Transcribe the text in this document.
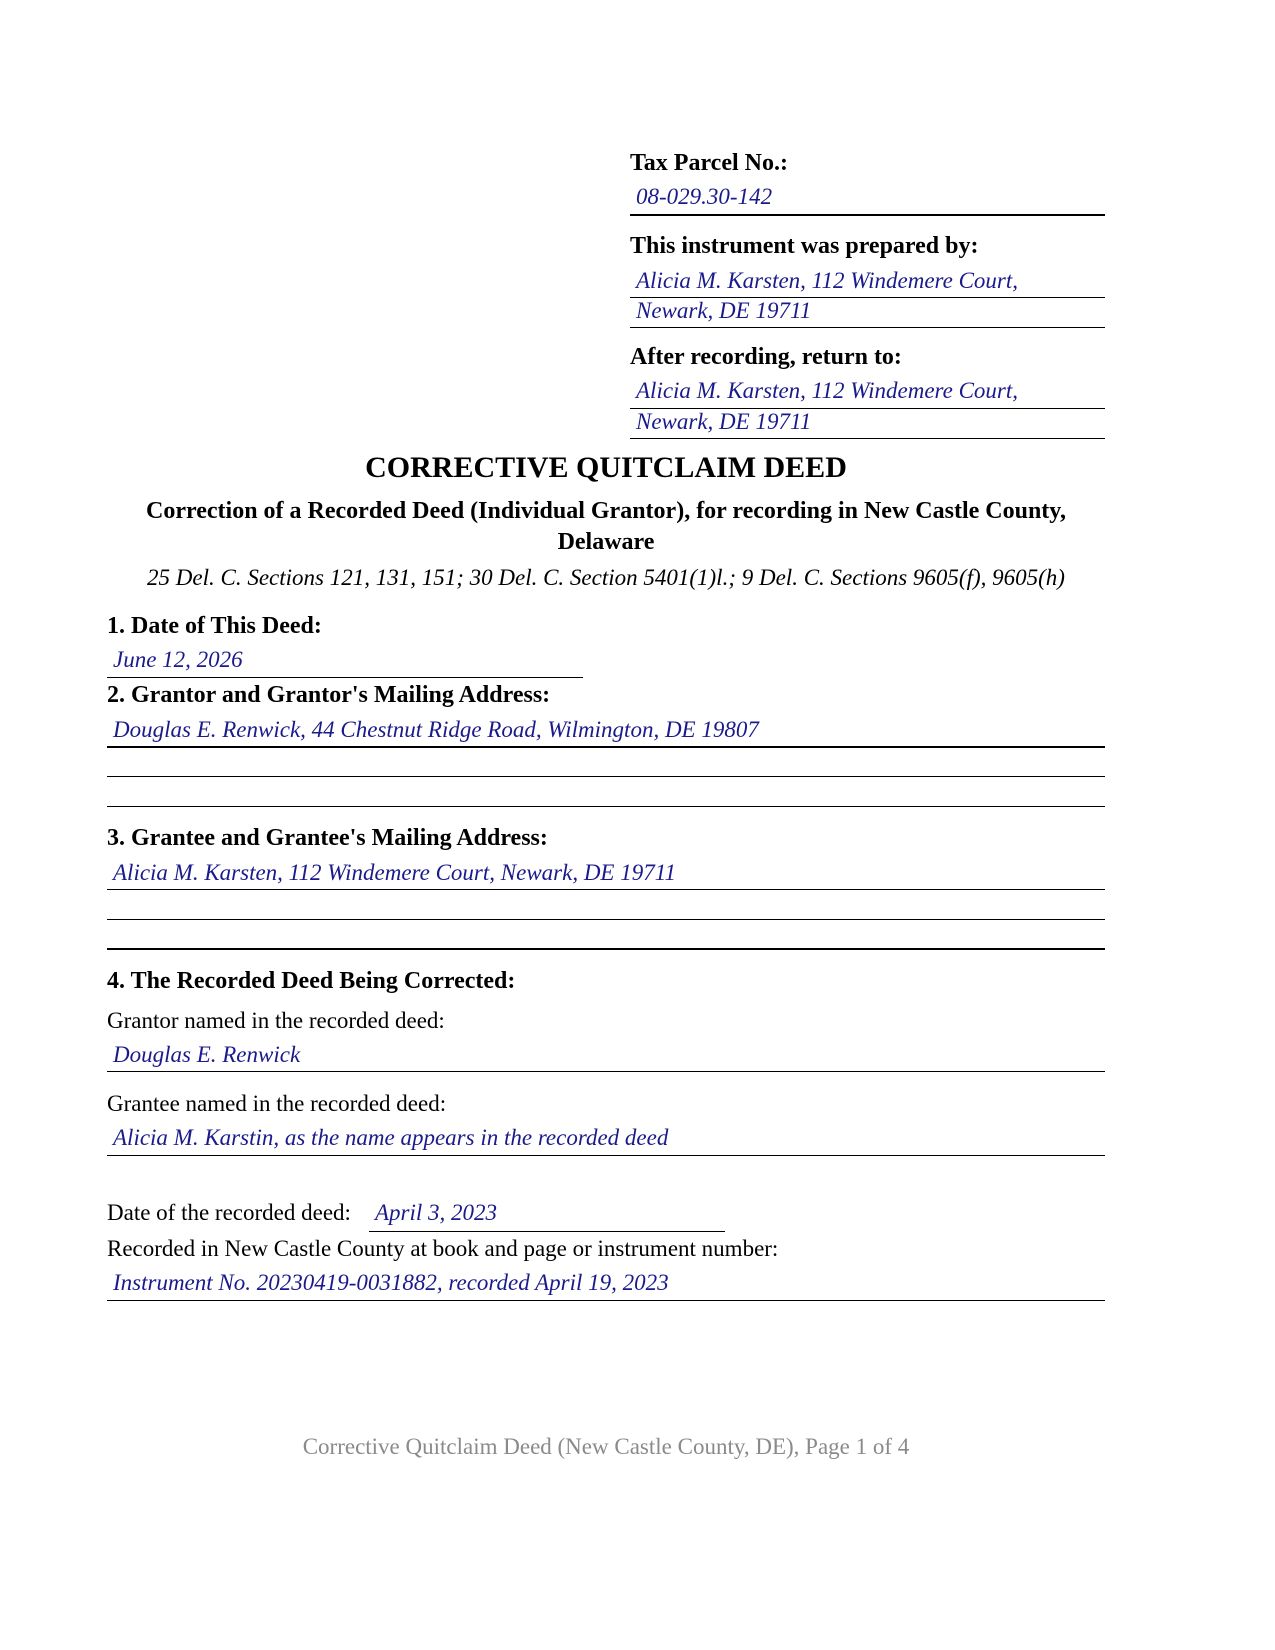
Tax Parcel No.:
08-029.30-142
This instrument was prepared by:
Alicia M. Karsten, 112 Windemere Court,
Newark, DE 19711
After recording, return to:
Alicia M. Karsten, 112 Windemere Court,
Newark, DE 19711
CORRECTIVE QUITCLAIM DEED
Correction of a Recorded Deed (Individual Grantor), for recording in New Castle County,
Delaware
25 Del. C. Sections 121, 131, 151; 30 Del. C. Section 5401(1)l.; 9 Del. C. Sections 9605(f), 9605(h)
1. Date of This Deed:
June 12, 2026
2. Grantor and Grantor's Mailing Address:
Douglas E. Renwick, 44 Chestnut Ridge Road, Wilmington, DE 19807
3. Grantee and Grantee's Mailing Address:
Alicia M. Karsten, 112 Windemere Court, Newark, DE 19711
4. The Recorded Deed Being Corrected:
Grantor named in the recorded deed:
Douglas E. Renwick
Grantee named in the recorded deed:
Alicia M. Karstin, as the name appears in the recorded deed
Date of the recorded deed: April 3, 2023
Recorded in New Castle County at book and page or instrument number:
Instrument No. 20230419-0031882, recorded April 19, 2023
Corrective Quitclaim Deed (New Castle County, DE), Page 1 of 4
